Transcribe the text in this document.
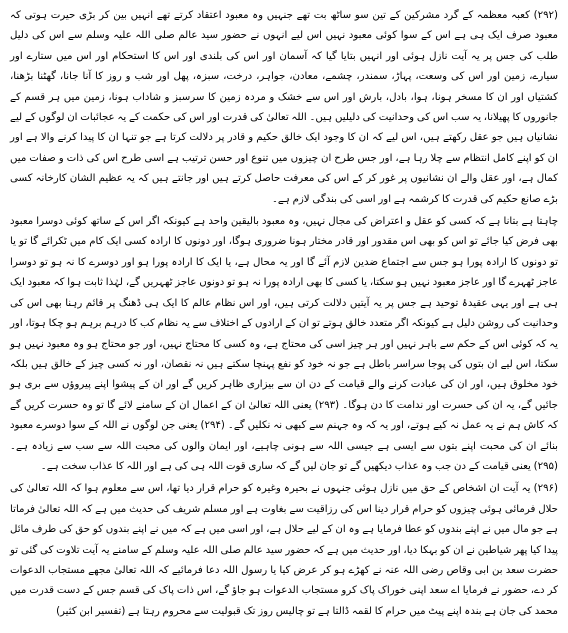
(۲۹۲) کعبہ معظمہ کے گرد مشرکین کے تین سو ساٹھ بت تھے جنہیں وہ معبود اعتقاد کرتے تھے انہیں بین کر بڑی حیرت ہوتی کہ معبود صرف ایک ہی ہے اس کے سوا کوئی معبود نہیں اس لیے انہوں نے حضور سید عالم صلی اللہ علیہ وسلم سے اس کی دلیل طلب کی جس پر یہ آیت نازل ہوئی اور انہیں بتایا گیا کہ آسمان اور اس کی بلندی اور اس کا استحکام اور اس میں ستارے اور سیارے، زمین اور اس کی وسعت، پہاڑ، سمندر، چشمے، معادن، جواہر، درخت، سبزہ، پھل اور شب و روز کا آنا جانا، گھٹنا بڑھنا، کشتیاں اور ان کا مسخر ہونا، ہوا، بادل، بارش اور اس سے خشک و مردہ زمین کا سرسبز و شاداب ہونا، زمین میں ہر قسم کے جانوروں کا پھیلانا، یہ سب اس کی وحدانیت کی دلیلیں ہیں۔ اللہ تعالیٰ کی قدرت اور اس کی حکمت کے یہ عجائبات ان لوگوں کے لیے نشانیاں ہیں جو عقل رکھتے ہیں، اس لیے کہ ان کا وجود ایک خالق حکیم و قادر پر دلالت کرتا ہے جو تنہا ان کا پیدا کرنے والا ہے اور ان کو اپنے کامل انتظام سے چلا رہا ہے، اور جس طرح ان چیزوں میں تنوع اور حسن ترتیب ہے اسی طرح اس کی ذات و صفات میں کمال ہے، اور عقل والے ان نشانیوں پر غور کر کے اس کی معرفت حاصل کرتے ہیں اور جانتے ہیں کہ یہ عظیم الشان کارخانہ کسی بڑے صانع حکیم کی قدرت کا کرشمہ ہے اور اسی کی بندگی لازم ہے۔

چاہتا ہے بتانا ہے کہ کسی کو عقل و اعتراض کی مجال نہیں، وہ معبود بالیقین واحد ہے کیونکہ اگر اس کے ساتھ کوئی دوسرا معبود بھی فرض کیا جائے تو اس کو بھی اس مقدور اور قادر مختار ہونا ضروری ہوگا، اور دونوں کا ارادہ کسی ایک کام میں ٹکرائے گا تو یا تو دونوں کا ارادہ پورا ہو جس سے اجتماع ضدین لازم آئے گا اور یہ محال ہے، یا ایک کا ارادہ پورا ہو اور دوسرے کا نہ ہو تو دوسرا عاجز ٹھہرے گا اور عاجز معبود نہیں ہو سکتا، یا کسی کا بھی ارادہ پورا نہ ہو تو دونوں عاجز ٹھہریں گے، لہٰذا ثابت ہوا کہ معبود ایک ہی ہے اور یہی عقیدۂ توحید ہے جس پر یہ آیتیں دلالت کرتی ہیں، اور اس نظام عالم کا ایک ہی ڈھنگ پر قائم رہنا بھی اس کی وحدانیت کی روشن دلیل ہے کیونکہ اگر متعدد خالق ہوتے تو ان کے ارادوں کے اختلاف سے یہ نظام کب کا درہم برہم ہو چکا ہوتا، اور یہ کہ کوئی اس کے حکم سے باہر نہیں اور ہر چیز اسی کی محتاج ہے، وہ کسی کا محتاج نہیں، اور جو محتاج ہو وہ معبود نہیں ہو سکتا، اس لیے ان بتوں کی پوجا سراسر باطل ہے جو نہ خود کو نفع پہنچا سکتے ہیں نہ نقصان، اور نہ کسی چیز کے خالق ہیں بلکہ خود مخلوق ہیں، اور ان کی عبادت کرنے والے قیامت کے دن ان سے بیزاری ظاہر کریں گے اور ان کے پیشوا اپنے پیروؤں سے بری ہو جائیں گے، یہ ان کی حسرت اور ندامت کا دن ہوگا۔ (۲۹۳) یعنی اللہ تعالیٰ ان کے اعمال ان کے سامنے لائے گا تو وہ حسرت کریں گے کہ کاش ہم نے یہ عمل نہ کیے ہوتے، اور یہ کہ وہ جہنم سے کبھی نہ نکلیں گے۔ (۲۹۴) یعنی جن لوگوں نے اللہ کے سوا دوسرے معبود بنائے ان کی محبت اپنے بتوں سے ایسی ہے جیسی اللہ سے ہونی چاہیے، اور ایمان والوں کی محبت اللہ سے سب سے زیادہ ہے۔ (۲۹۵) یعنی قیامت کے دن جب وہ عذاب دیکھیں گے تو جان لیں گے کہ ساری قوت اللہ ہی کی ہے اور اللہ کا عذاب سخت ہے۔

(۲۹۶) یہ آیت ان اشخاص کے حق میں نازل ہوئی جنہوں نے بحیرہ وغیرہ کو حرام قرار دیا تھا، اس سے معلوم ہوا کہ اللہ تعالیٰ کی حلال فرمائی ہوئی چیزوں کو حرام قرار دینا اس کی رزاقیت سے بغاوت ہے اور مسلم شریف کی حدیث میں ہے کہ اللہ تعالیٰ فرماتا ہے جو مال میں نے اپنے بندوں کو عطا فرمایا ہے وہ ان کے لیے حلال ہے، اور اسی میں ہے کہ میں نے اپنے بندوں کو حق کی طرف مائل پیدا کیا پھر شیاطین نے ان کو بہکا دیا، اور حدیث میں ہے کہ حضور سید عالم صلی اللہ علیہ وسلم کے سامنے یہ آیت تلاوت کی گئی تو حضرت سعد بن ابی وقاص رضی اللہ عنہ نے کھڑے ہو کر عرض کیا یا رسول اللہ دعا فرمائیے کہ اللہ تعالیٰ مجھے مستجاب الدعوات کر دے، حضور نے فرمایا اے سعد اپنی خوراک پاک کرو مستجاب الدعوات ہو جاؤ گے، اس ذات پاک کی قسم جس کے دست قدرت میں محمد کی جان ہے بندہ اپنے پیٹ میں حرام کا لقمہ ڈالتا ہے تو چالیس روز تک قبولیت سے محروم رہتا ہے (تفسیر ابن کثیر)
